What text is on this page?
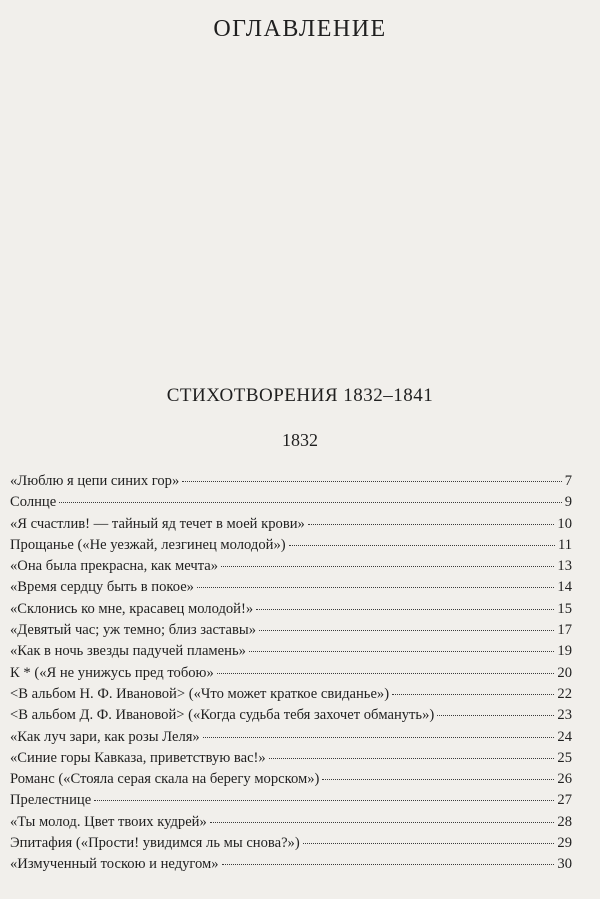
ОГЛАВЛЕНИЕ
СТИХОТВОРЕНИЯ 1832–1841
1832
«Люблю я цепи синих гор»	7
Солнце	9
«Я счастлив! — тайный яд течет в моей крови»	10
Прощанье («Не уезжай, лезгинец молодой»)	11
«Она была прекрасна, как мечта»	13
«Время сердцу быть в покое»	14
«Склонись ко мне, красавец молодой!»	15
«Девятый час; уж темно; близ заставы»	17
«Как в ночь звезды падучей пламень»	19
К * («Я не унижусь пред тобою»	20
<В альбом Н. Ф. Ивановой> («Что может краткое свиданье»)	22
<В альбом Д. Ф. Ивановой> («Когда судьба тебя захочет обмануть»)	23
«Как луч зари, как розы Леля»	24
«Синие горы Кавказа, приветствую вас!»	25
Романс («Стояла серая скала на берегу морском»)	26
Прелестнице	27
«Ты молод. Цвет твоих кудрей»	28
Эпитафия («Прости! увидимся ль мы снова?»)	29
«Измученный тоскою и недугом»	30
